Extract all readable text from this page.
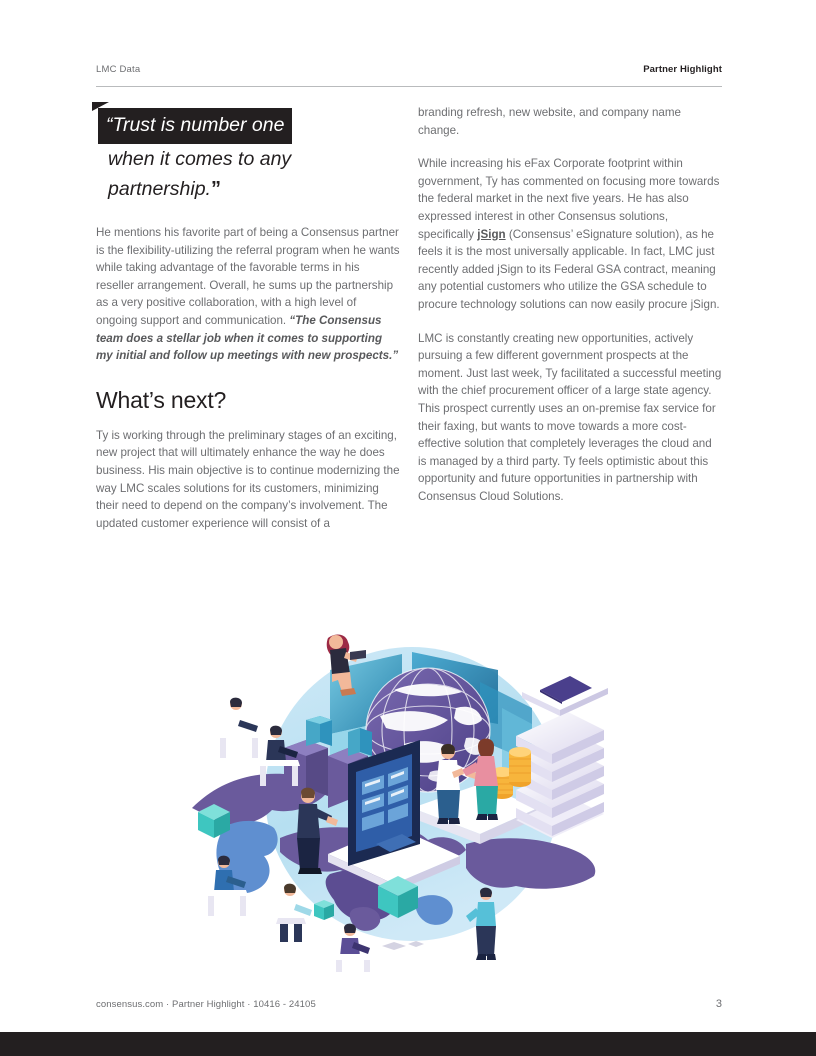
LMC Data	Partner Highlight
“Trust is number one
when it comes to any
partnership.”

He mentions his favorite part of being a Consensus partner is the flexibility-utilizing the referral program when he wants while taking advantage of the favorable terms in his reseller arrangement. Overall, he sums up the partnership as a very positive collaboration, with a high level of ongoing support and communication. “The Consensus team does a stellar job when it comes to supporting my initial and follow up meetings with new prospects.”

What’s next?

Ty is working through the preliminary stages of an exciting, new project that will ultimately enhance the way he does business. His main objective is to continue modernizing the way LMC scales solutions for its customers, minimizing their need to depend on the company’s involvement. The updated customer experience will consist of a

branding refresh, new website, and company name change.

While increasing his eFax Corporate footprint within government, Ty has commented on focusing more towards the federal market in the next five years. He has also expressed interest in other Consensus solutions, specifically jSign (Consensus’ eSignature solution), as he feels it is the most universally applicable. In fact, LMC just recently added jSign to its Federal GSA contract, meaning any potential customers who utilize the GSA schedule to procure technology solutions can now easily procure jSign.

LMC is constantly creating new opportunities, actively pursuing a few different government prospects at the moment. Just last week, Ty facilitated a successful meeting with the chief procurement officer of a large state agency. This prospect currently uses an on-premise fax service for their faxing, but wants to move towards a more cost-effective solution that completely leverages the cloud and is managed by a third party. Ty feels optimistic about this opportunity and future opportunities in partnership with Consensus Cloud Solutions.

consensus.com · Partner Highlight · 10416 - 24105	3
